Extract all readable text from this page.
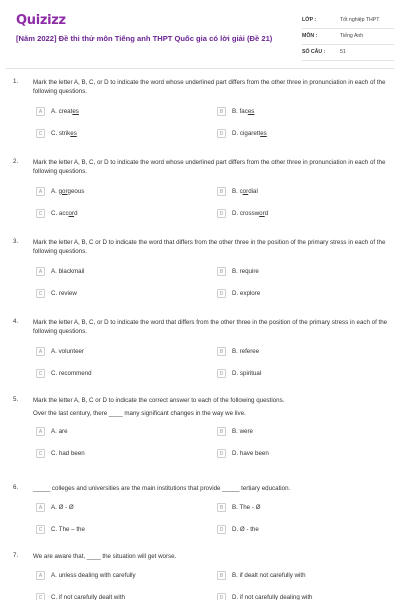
Quizizz
[Năm 2022] Đề thi thử môn Tiếng anh THPT Quốc gia có lời giải (Đề 21)
LỚP :	Tốt nghiệp THPT
MÔN :	Tiếng Anh
SỐ CÂU :	51
1. Mark the letter A, B, C, or D to indicate the word whose underlined part differs from the other three in pronunciation in each of the following questions.
A	A. creates	B	B. faces
C	C. strikes	D	D. cigarettes
2. Mark the letter A, B, C, or D to indicate the word whose underlined part differs from the other three in pronunciation in each of the following questions.
A	A. gorgeous	B	B. cordial
C	C. accord	D	D. crossword
3. Mark the letter A, B, C or D to indicate the word that differs from the other three in the position of the primary stress in each of the following questions.
A	A. blackmail	B	B. require
C	C. review	D	D. explore
4. Mark the letter A, B, C, or D to indicate the word that differs from the other three in the position of the primary stress in each of the following questions.
A	A. volunteer	B	B. referee
C	C. recommend	D	D. spiritual
5. Mark the letter A, B, C or D to indicate the correct answer to each of the following questions.
Over the last century, there ____ many significant changes in the way we live.
A	A. are	B	B. were
C	C. had been	D	D. have been
6. _____ colleges and universities are the main institutions that provide _____ tertiary education.
A	A. Ø - Ø	B	B. The - Ø
C	C. The – the	D	D. Ø - the
7. We are aware that, ____ the situation will get worse.
A	A. unless dealing with carefully	B	B. if dealt not carefully with
C	C. if not carefully dealt with	D	D. if not carefully dealing with
